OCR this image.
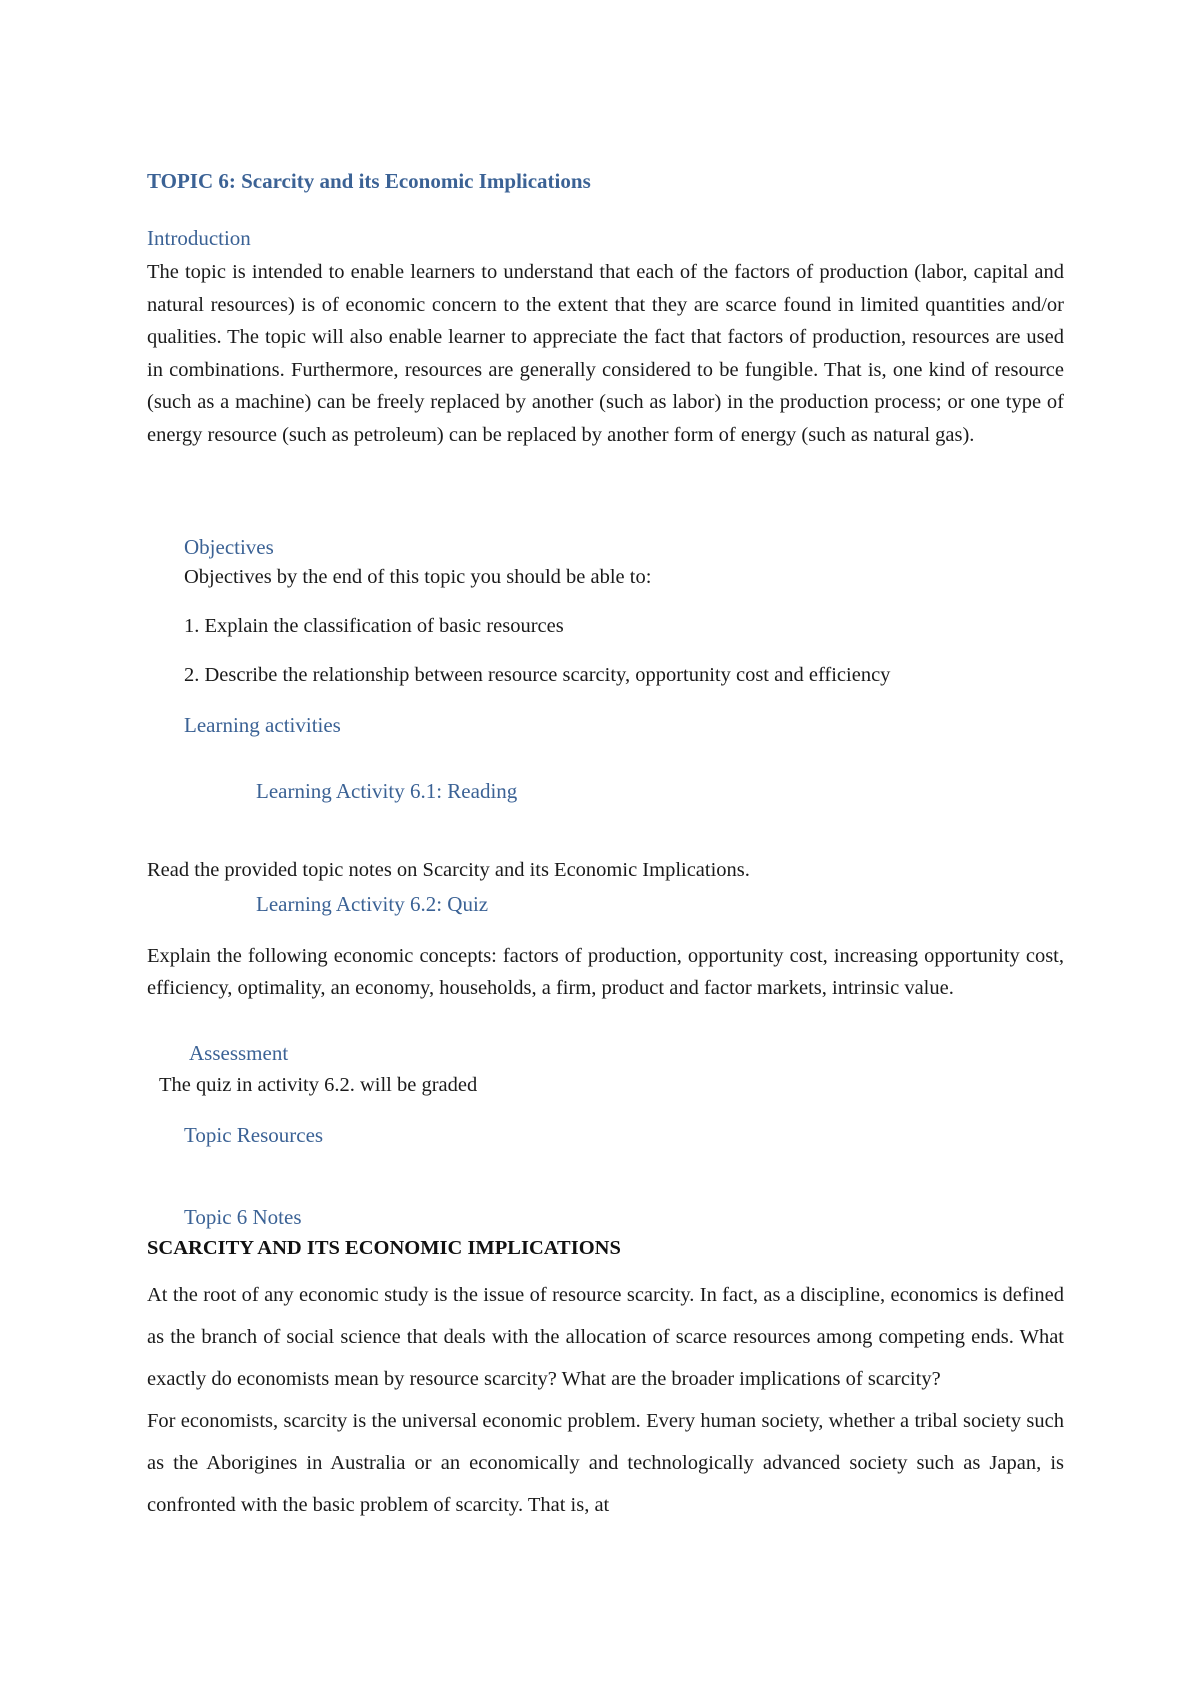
TOPIC 6: Scarcity and its Economic Implications
Introduction
The topic is intended to enable learners to understand that each of the factors of production (labor, capital and natural resources) is of economic concern to the extent that they are scarce found in limited quantities and/or qualities. The topic will also enable learner to appreciate the fact that factors of production, resources are used in combinations. Furthermore, resources are generally considered to be fungible. That is, one kind of resource (such as a machine) can be freely replaced by another (such as labor) in the production process; or one type of energy resource (such as petroleum) can be replaced by another form of energy (such as natural gas).
Objectives
Objectives by the end of this topic you should be able to:
1. Explain the classification of basic resources
2. Describe the relationship between resource scarcity, opportunity cost and efficiency
Learning activities
Learning Activity 6.1: Reading
Read the provided topic notes on Scarcity and its Economic Implications.
Learning Activity 6.2: Quiz
Explain the following economic concepts: factors of production, opportunity cost, increasing opportunity cost, efficiency, optimality, an economy, households, a firm, product and factor markets, intrinsic value.
Assessment
The quiz in activity 6.2. will be graded
Topic Resources
Topic 6 Notes
SCARCITY AND ITS ECONOMIC IMPLICATIONS

At the root of any economic study is the issue of resource scarcity. In fact, as a discipline, economics is defined as the branch of social science that deals with the allocation of scarce resources among competing ends. What exactly do economists mean by resource scarcity? What are the broader implications of scarcity?

For economists, scarcity is the universal economic problem. Every human society, whether a tribal society such as the Aborigines in Australia or an economically and technologically advanced society such as Japan, is confronted with the basic problem of scarcity. That is, at
